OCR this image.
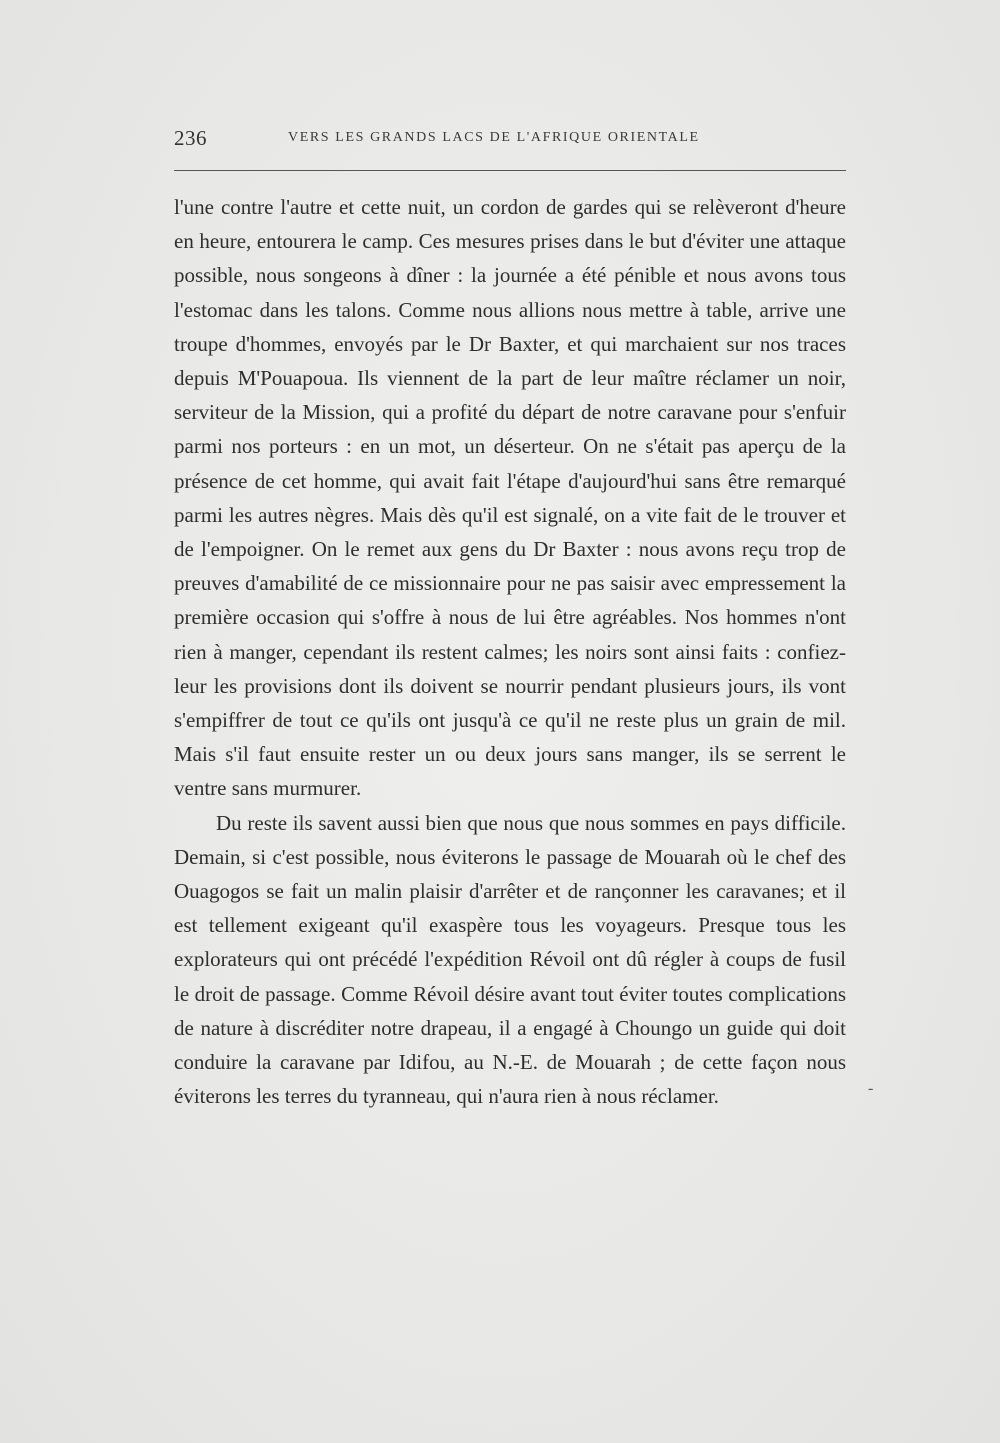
236	VERS LES GRANDS LACS DE L'AFRIQUE ORIENTALE

l'une contre l'autre et cette nuit, un cordon de gardes qui se relèveront d'heure en heure, entourera le camp. Ces mesures prises dans le but d'éviter une attaque possible, nous songeons à dîner : la journée a été pénible et nous avons tous l'estomac dans les talons. Comme nous allions nous mettre à table, arrive une troupe d'hommes, envoyés par le Dr Baxter, et qui marchaient sur nos traces depuis M'Pouapoua. Ils viennent de la part de leur maître réclamer un noir, serviteur de la Mission, qui a profité du départ de notre caravane pour s'enfuir parmi nos porteurs : en un mot, un déserteur. On ne s'était pas aperçu de la présence de cet homme, qui avait fait l'étape d'aujourd'hui sans être remarqué parmi les autres nègres. Mais dès qu'il est signalé, on a vite fait de le trouver et de l'empoigner. On le remet aux gens du Dr Baxter : nous avons reçu trop de preuves d'amabilité de ce missionnaire pour ne pas saisir avec empressement la première occasion qui s'offre à nous de lui être agréables. Nos hommes n'ont rien à manger, cependant ils restent calmes; les noirs sont ainsi faits : confiez-leur les provisions dont ils doivent se nourrir pendant plusieurs jours, ils vont s'empiffrer de tout ce qu'ils ont jusqu'à ce qu'il ne reste plus un grain de mil. Mais s'il faut ensuite rester un ou deux jours sans manger, ils se serrent le ventre sans murmurer.

Du reste ils savent aussi bien que nous que nous sommes en pays difficile. Demain, si c'est possible, nous éviterons le passage de Mouarah où le chef des Ouagogos se fait un malin plaisir d'arrêter et de rançonner les caravanes; et il est tellement exigeant qu'il exaspère tous les voyageurs. Presque tous les explorateurs qui ont précédé l'expédition Révoil ont dû régler à coups de fusil le droit de passage. Comme Révoil désire avant tout éviter toutes complications de nature à discréditer notre drapeau, il a engagé à Choungo un guide qui doit conduire la caravane par Idifou, au N.-E. de Mouarah ; de cette façon nous éviterons les terres du tyranneau, qui n'aura rien à nous réclamer.	-
